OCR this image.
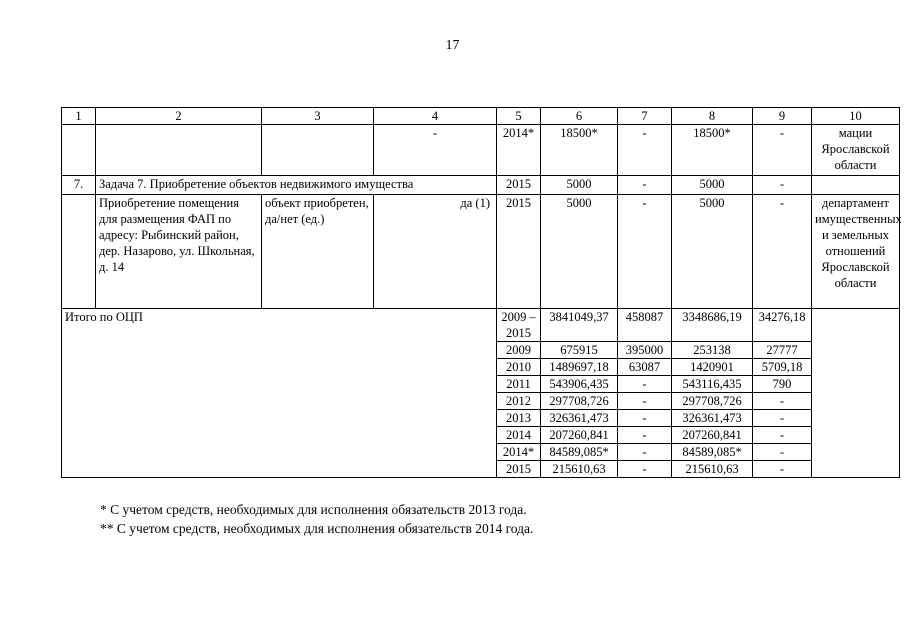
17
1	2	3	4	5	6	7	8	9	10
			-	2014*	18500*	-	18500*	-	мации Ярославской области
7.	Задача 7. Приобретение объектов недвижимого имущества			2015	5000	-	5000	-	
	Приобретение помещения для размещения ФАП по адресу: Рыбинский район, дер. Назарово, ул. Школьная, д. 14	объект приобретен, да/нет (ед.)	да (1)	2015	5000	-	5000	-	департамент имущественных и земельных отношений Ярославской области
Итого по ОЦП				2009 – 2015	3841049,37	458087	3348686,19	34276,18	
				2009	675915	395000	253138	27777	
				2010	1489697,18	63087	1420901	5709,18	
				2011	543906,435	-	543116,435	790	
				2012	297708,726	-	297708,726	-	
				2013	326361,473	-	326361,473	-	
				2014	207260,841	-	207260,841	-	
				2014*	84589,085*	-	84589,085*	-	
				2015	215610,63	-	215610,63	-	
* С учетом средств, необходимых для исполнения обязательств 2013 года.
** С учетом средств, необходимых для исполнения обязательств 2014 года.
